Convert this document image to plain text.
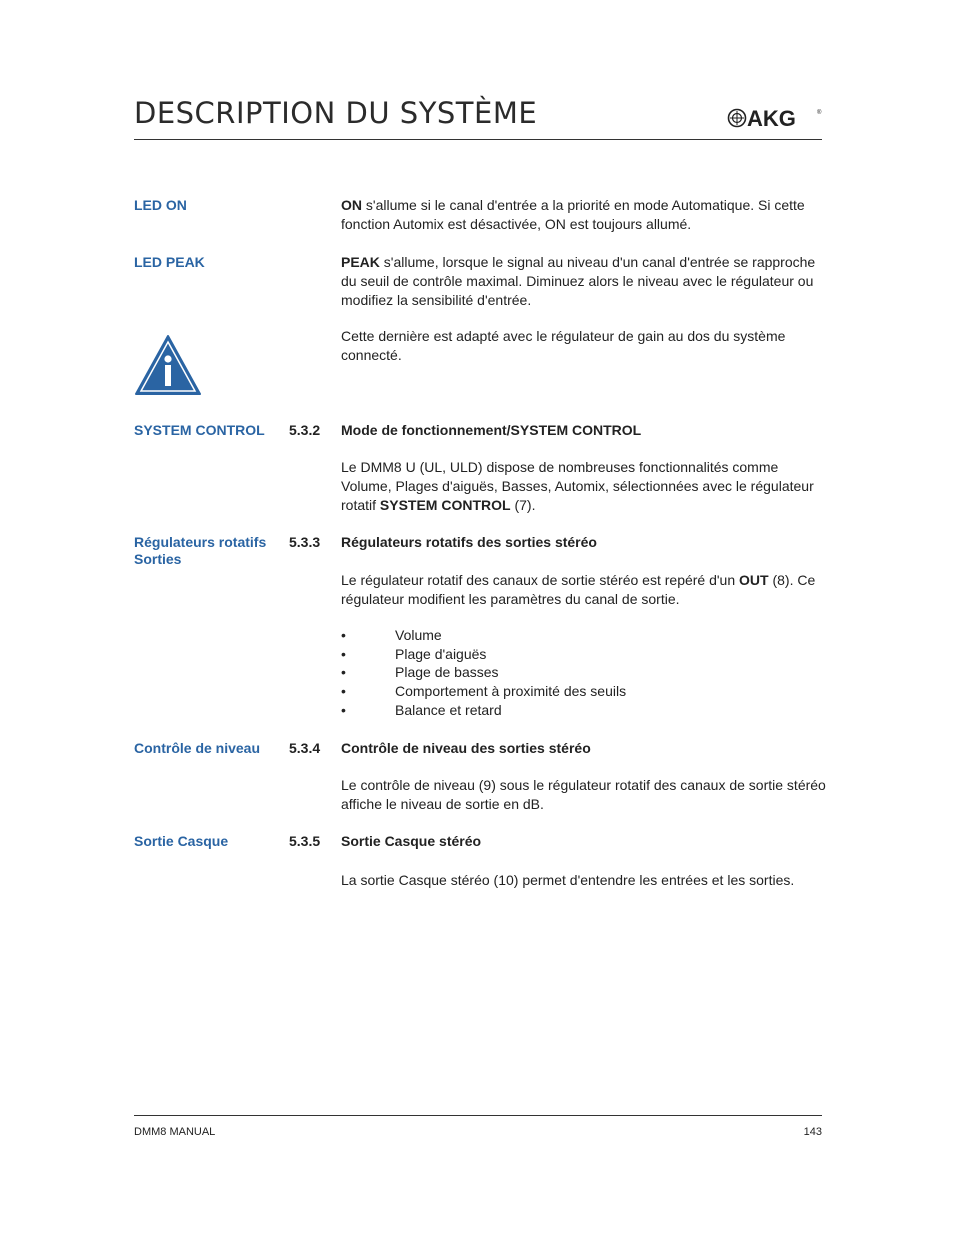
DESCRIPTION DU SYSTÈME	AKG	®
LED ON	ON s'allume si le canal d'entrée a la priorité en mode Automatique. Si cette fonction Automix est désactivée, ON est toujours allumé.

LED PEAK	PEAK s'allume, lorsque le signal au niveau d'un canal d'entrée se rapproche du seuil de contrôle maximal. Diminuez alors le niveau avec le régulateur ou modifiez la sensibilité d'entrée.

Cette dernière est adapté avec le régulateur de gain au dos du système connecté.

SYSTEM CONTROL	5.3.2 Mode de fonctionnement/SYSTEM CONTROL

Le DMM8 U (UL, ULD) dispose de nombreuses fonctionnalités comme Volume, Plages d'aiguës, Basses, Automix, sélectionnées avec le régulateur rotatif SYSTEM CONTROL (7).

Régulateurs rotatifs Sorties
5.3.3 Régulateurs rotatifs des sorties stéréo

Le régulateur rotatif des canaux de sortie stéréo est repéré d'un OUT (8). Ce régulateur modifient les paramètres du canal de sortie.

•	Volume
•	Plage d'aiguës
•	Plage de basses
•	Comportement à proximité des seuils
•	Balance et retard
Contrôle de niveau	5.3.4 Contrôle de niveau des sorties stéréo

Le contrôle de niveau (9) sous le régulateur rotatif des canaux de sortie stéréo affiche le niveau de sortie en dB.

Sortie Casque	5.3.5 Sortie Casque stéréo

La sortie Casque stéréo (10) permet d'entendre les entrées et les sorties.

DMM8 MANUAL	143
